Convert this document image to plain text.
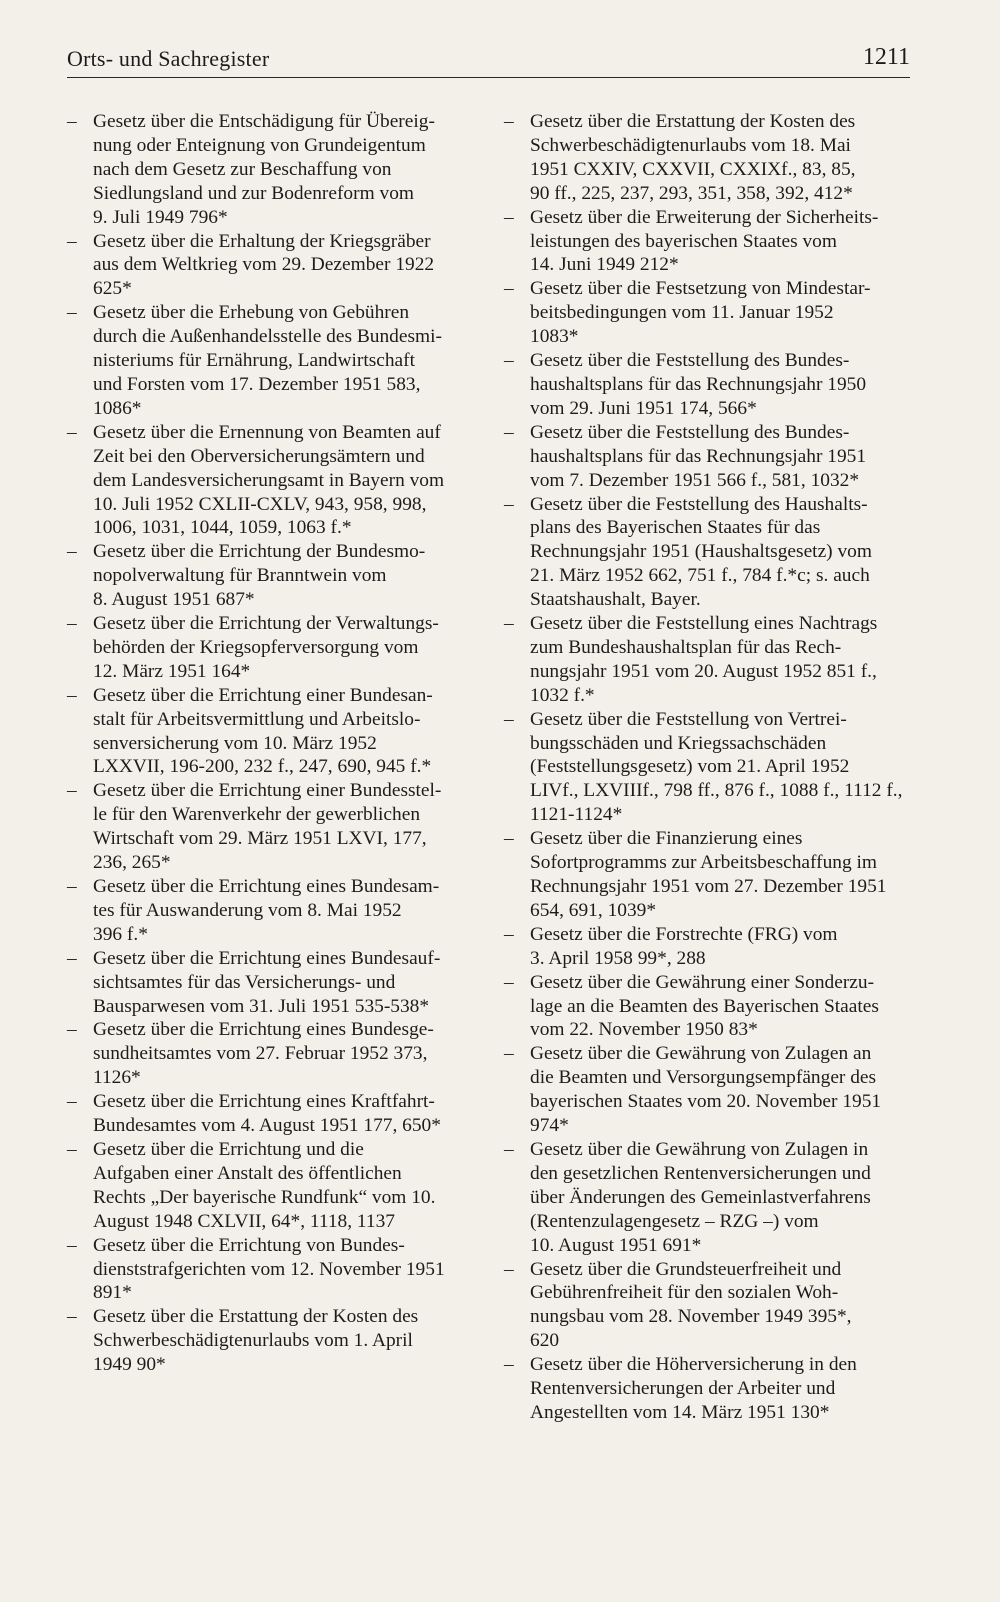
Orts- und Sachregister	1211
– Gesetz über die Entschädigung für Übereig-
nung oder Enteignung von Grundeigentum
nach dem Gesetz zur Beschaffung von
Siedlungsland und zur Bodenreform vom
9. Juli 1949 796*
– Gesetz über die Erhaltung der Kriegsgräber
aus dem Weltkrieg vom 29. Dezember 1922
625*
– Gesetz über die Erhebung von Gebühren
durch die Außenhandelsstelle des Bundesmi-
nisteriums für Ernährung, Landwirtschaft
und Forsten vom 17. Dezember 1951 583,
1086*
– Gesetz über die Ernennung von Beamten auf
Zeit bei den Oberversicherungsämtern und
dem Landesversicherungsamt in Bayern vom
10. Juli 1952 CXLII-CXLV, 943, 958, 998,
1006, 1031, 1044, 1059, 1063 f.*
– Gesetz über die Errichtung der Bundesmo-
nopolverwaltung für Branntwein vom
8. August 1951 687*
– Gesetz über die Errichtung der Verwaltungs-
behörden der Kriegsopferversorgung vom
12. März 1951 164*
– Gesetz über die Errichtung einer Bundesan-
stalt für Arbeitsvermittlung und Arbeitslo-
senversicherung vom 10. März 1952
LXXVII, 196-200, 232 f., 247, 690, 945 f.*
– Gesetz über die Errichtung einer Bundesstel-
le für den Warenverkehr der gewerblichen
Wirtschaft vom 29. März 1951 LXVI, 177,
236, 265*
– Gesetz über die Errichtung eines Bundesam-
tes für Auswanderung vom 8. Mai 1952
396 f.*
– Gesetz über die Errichtung eines Bundesauf-
sichtsamtes für das Versicherungs- und
Bausparwesen vom 31. Juli 1951 535-538*
– Gesetz über die Errichtung eines Bundesge-
sundheitsamtes vom 27. Februar 1952 373,
1126*
– Gesetz über die Errichtung eines Kraftfahrt-
Bundesamtes vom 4. August 1951 177, 650*
– Gesetz über die Errichtung und die
Aufgaben einer Anstalt des öffentlichen
Rechts „Der bayerische Rundfunk“ vom 10.
August 1948 CXLVII, 64*, 1118, 1137
– Gesetz über die Errichtung von Bundes-
dienststrafgerichten vom 12. November 1951
891*
– Gesetz über die Erstattung der Kosten des
Schwerbeschädigtenurlaubs vom 1. April
1949 90*
– Gesetz über die Erstattung der Kosten des
Schwerbeschädigtenurlaubs vom 18. Mai
1951 CXXIV, CXXVII, CXXIXf., 83, 85,
90 ff., 225, 237, 293, 351, 358, 392, 412*
– Gesetz über die Erweiterung der Sicherheits-
leistungen des bayerischen Staates vom
14. Juni 1949 212*
– Gesetz über die Festsetzung von Mindestar-
beitsbedingungen vom 11. Januar 1952
1083*
– Gesetz über die Feststellung des Bundes-
haushaltsplans für das Rechnungsjahr 1950
vom 29. Juni 1951 174, 566*
– Gesetz über die Feststellung des Bundes-
haushaltsplans für das Rechnungsjahr 1951
vom 7. Dezember 1951 566 f., 581, 1032*
– Gesetz über die Feststellung des Haushalts-
plans des Bayerischen Staates für das
Rechnungsjahr 1951 (Haushaltsgesetz) vom
21. März 1952 662, 751 f., 784 f.*c; s. auch
Staatshaushalt, Bayer.
– Gesetz über die Feststellung eines Nachtrags
zum Bundeshaushaltsplan für das Rech-
nungsjahr 1951 vom 20. August 1952 851 f.,
1032 f.*
– Gesetz über die Feststellung von Vertrei-
bungsschäden und Kriegssachschäden
(Feststellungsgesetz) vom 21. April 1952
LIVf., LXVIIIf., 798 ff., 876 f., 1088 f., 1112 f.,
1121-1124*
– Gesetz über die Finanzierung eines
Sofortprogramms zur Arbeitsbeschaffung im
Rechnungsjahr 1951 vom 27. Dezember 1951
654, 691, 1039*
– Gesetz über die Forstrechte (FRG) vom
3. April 1958 99*, 288
– Gesetz über die Gewährung einer Sonderzu-
lage an die Beamten des Bayerischen Staates
vom 22. November 1950 83*
– Gesetz über die Gewährung von Zulagen an
die Beamten und Versorgungsempfänger des
bayerischen Staates vom 20. November 1951
974*
– Gesetz über die Gewährung von Zulagen in
den gesetzlichen Rentenversicherungen und
über Änderungen des Gemeinlastverfahrens
(Rentenzulagengesetz – RZG –) vom
10. August 1951 691*
– Gesetz über die Grundsteuerfreiheit und
Gebührenfreiheit für den sozialen Woh-
nungsbau vom 28. November 1949 395*,
620
– Gesetz über die Höherversicherung in den
Rentenversicherungen der Arbeiter und
Angestellten vom 14. März 1951 130*
